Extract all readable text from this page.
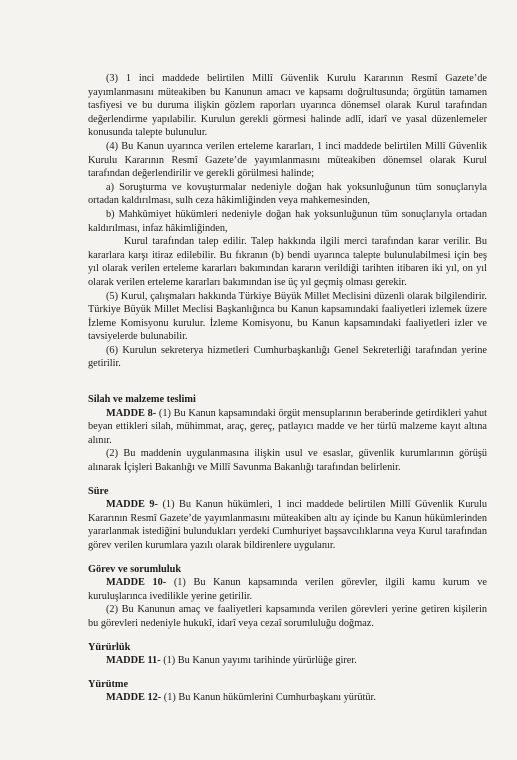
(3) 1 inci maddede belirtilen Millî Güvenlik Kurulu Kararının Resmî Gazete’de yayımlanmasını müteakiben bu Kanunun amacı ve kapsamı doğrultusunda; örgütün tamamen tasfiyesi ve bu duruma ilişkin gözlem raporları uyarınca dönemsel olarak Kurul tarafından değerlendirme yapılabilir. Kurulun gerekli görmesi halinde adlî, idarî ve yasal düzenlemeler konusunda talepte bulunulur.

(4) Bu Kanun uyarınca verilen erteleme kararları, 1 inci maddede belirtilen Millî Güvenlik Kurulu Kararının Resmî Gazete’de yayımlanmasını müteakiben dönemsel olarak Kurul tarafından değerlendirilir ve gerekli görülmesi halinde;

a) Soruşturma ve kovuşturmalar nedeniyle doğan hak yoksunluğunun tüm sonuçlarıyla ortadan kaldırılması, sulh ceza hâkimliğinden veya mahkemesinden,

b) Mahkûmiyet hükümleri nedeniyle doğan hak yoksunluğunun tüm sonuçlarıyla ortadan kaldırılması, infaz hâkimliğinden,

Kurul tarafından talep edilir. Talep hakkında ilgili merci tarafından karar verilir. Bu kararlara karşı itiraz edilebilir. Bu fıkranın (b) bendi uyarınca talepte bulunulabilmesi için beş yıl olarak verilen erteleme kararları bakımından kararın verildiği tarihten itibaren iki yıl, on yıl olarak verilen erteleme kararları bakımından ise üç yıl geçmiş olması gerekir.

(5) Kurul, çalışmaları hakkında Türkiye Büyük Millet Meclisini düzenli olarak bilgilendirir. Türkiye Büyük Millet Meclisi Başkanlığınca bu Kanun kapsamındaki faaliyetleri izlemek üzere İzleme Komisyonu kurulur. İzleme Komisyonu, bu Kanun kapsamındaki faaliyetleri izler ve tavsiyelerde bulunabilir.

(6) Kurulun sekreterya hizmetleri Cumhurbaşkanlığı Genel Sekreterliği tarafından yerine getirilir.

Silah ve malzeme teslimi

MADDE 8- (1) Bu Kanun kapsamındaki örgüt mensuplarının beraberinde getirdikleri yahut beyan ettikleri silah, mühimmat, araç, gereç, patlayıcı madde ve her türlü malzeme kayıt altına alınır.

(2) Bu maddenin uygulanmasına ilişkin usul ve esaslar, güvenlik kurumlarının görüşü alınarak İçişleri Bakanlığı ve Millî Savunma Bakanlığı tarafından belirlenir.

Süre

MADDE 9- (1) Bu Kanun hükümleri, 1 inci maddede belirtilen Millî Güvenlik Kurulu Kararının Resmî Gazete’de yayımlanmasını müteakiben altı ay içinde bu Kanun hükümlerinden yararlanmak istediğini bulundukları yerdeki Cumhuriyet başsavcılıklarına veya Kurul tarafından görev verilen kurumlara yazılı olarak bildirenlere uygulanır.

Görev ve sorumluluk

MADDE 10- (1) Bu Kanun kapsamında verilen görevler, ilgili kamu kurum ve kuruluşlarınca ivedilikle yerine getirilir.

(2) Bu Kanunun amaç ve faaliyetleri kapsamında verilen görevleri yerine getiren kişilerin bu görevleri nedeniyle hukukî, idarî veya cezaî sorumluluğu doğmaz.

Yürürlük

MADDE 11- (1) Bu Kanun yayımı tarihinde yürürlüğe girer.

Yürütme

MADDE 12- (1) Bu Kanun hükümlerini Cumhurbaşkanı yürütür.
